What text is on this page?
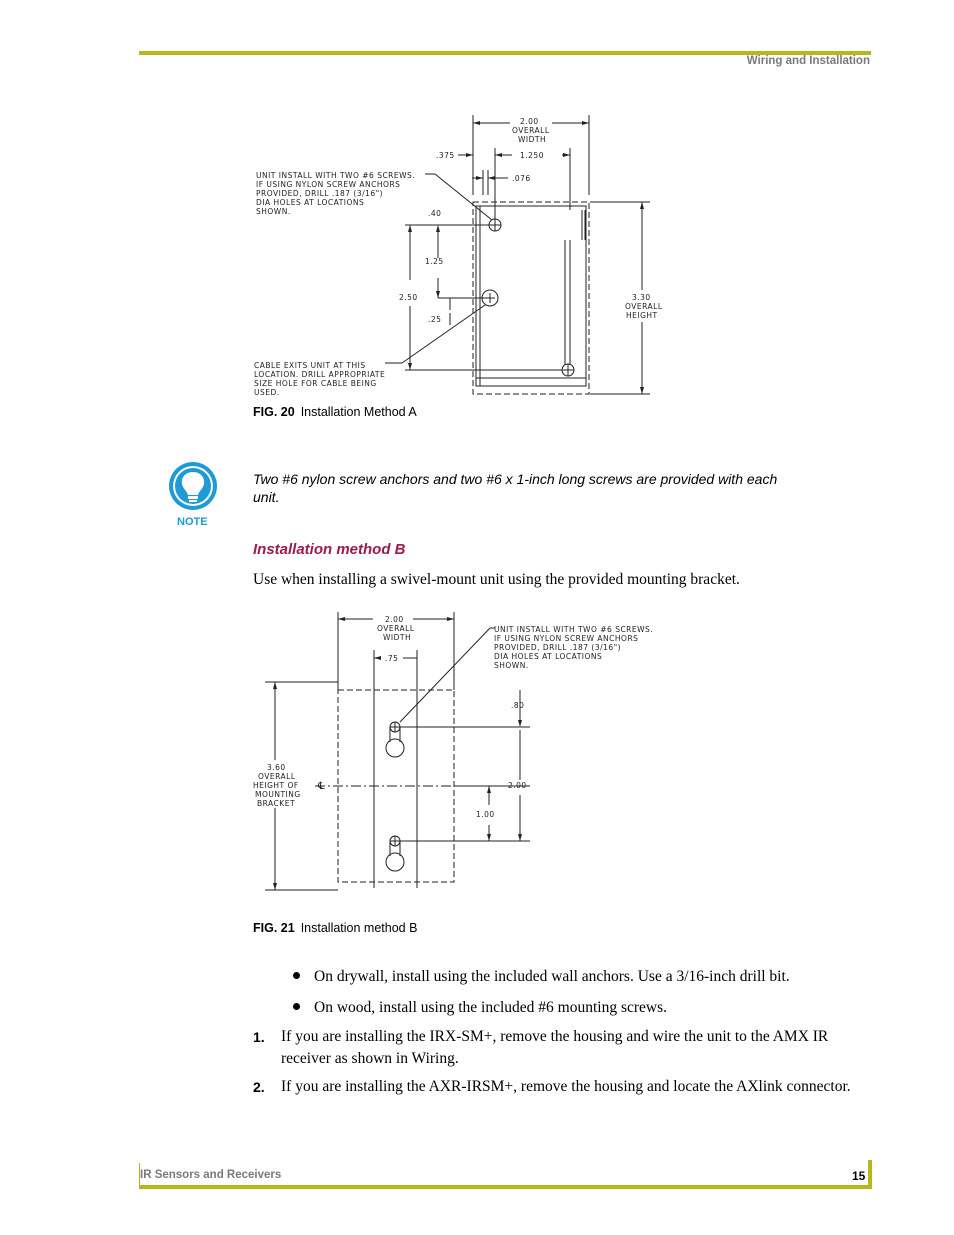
Wiring and Installation
2.00
OVERALL
WIDTH
.375	1.250
.076
.40
1.25
2.50
.25
3.30
OVERALL
HEIGHT
UNIT INSTALL WITH TWO #6 SCREWS.
IF USING NYLON SCREW ANCHORS
PROVIDED, DRILL .187 (3/16")
DIA HOLES AT LOCATIONS
SHOWN.
CABLE EXITS UNIT AT THIS
LOCATION. DRILL APPROPRIATE
SIZE HOLE FOR CABLE BEING
USED.
FIG. 20 Installation Method A
NOTE
Two #6 nylon screw anchors and two #6 x 1-inch long screws are provided with each unit.
Installation method B
Use when installing a swivel-mount unit using the provided mounting bracket.
2.00
OVERALL
WIDTH
.75
.80
2.00
1.00
℄
3.60
OVERALL
HEIGHT OF
MOUNTING
BRACKET
UNIT INSTALL WITH TWO #6 SCREWS.
IF USING NYLON SCREW ANCHORS
PROVIDED, DRILL .187 (3/16")
DIA HOLES AT LOCATIONS
SHOWN.
FIG. 21 Installation method B
On drywall, install using the included wall anchors. Use a 3/16-inch drill bit.
On wood, install using the included #6 mounting screws.
1. If you are installing the IRX-SM+, remove the housing and wire the unit to the AMX IR receiver as shown in Wiring.
2. If you are installing the AXR-IRSM+, remove the housing and locate the AXlink connector.
IR Sensors and Receivers	15
